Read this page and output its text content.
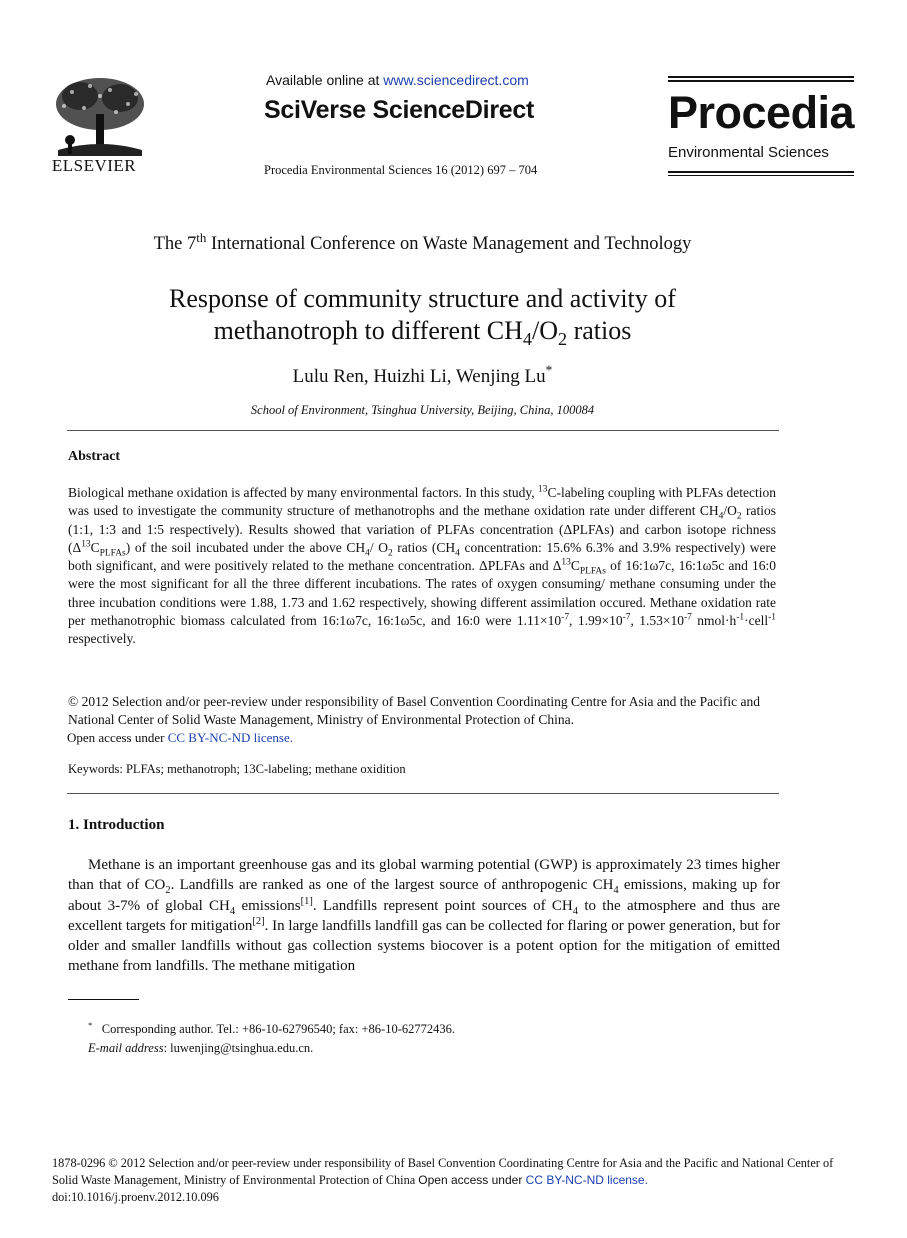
ELSEVIER
Available online at www.sciencedirect.com
SciVerse ScienceDirect
Procedia Environmental Sciences 16 (2012) 697 – 704
Procedia
Environmental Sciences
The 7th International Conference on Waste Management and Technology
Response of community structure and activity of
methanotroph to different $CH_4/O_2$ ratios
Lulu Ren, Huizhi Li, Wenjing Lu*
School of Environment, Tsinghua University, Beijing, China, 100084
Abstract
Biological methane oxidation is affected by many environmental factors. In this study, $^{13}$C-labeling coupling with PLFAs detection was used to investigate the community structure of methanotrophs and the methane oxidation rate under different $CH_4/O_2$ ratios (1:1, 1:3 and 1:5 respectively). Results showed that variation of PLFAs concentration (ΔPLFAs) and carbon isotope richness $(\Delta^{13}C_{PLFAs})$ of the soil incubated under the above $CH_4/$ $O_2$ ratios ($CH_4$ concentration: 15.6% 6.3% and 3.9% respectively) were both significant, and were positively related to the methane concentration. ΔPLFAs and $\Delta^{13}C_{PLFAs}$ of 16:1ω7c, 16:1ω5c and 16:0 were the most significant for all the three different incubations. The rates of oxygen consuming/ methane consuming under the three incubation conditions were 1.88, 1.73 and 1.62 respectively, showing different assimilation occured. Methane oxidation rate per methanotrophic biomass calculated from 16:1ω7c, 16:1ω5c, and 16:0 were $1.11\times 10^{-7}$, $1.99\times 10^{-7}$, $1.53\times 10^{-7}$ $nmol\cdot h^{-1}\cdot cell^{-1}$ respectively.
© 2012 Selection and/or peer-review under responsibility of Basel Convention Coordinating Centre for Asia and the Pacific and National Center of Solid Waste Management, Ministry of Environmental Protection of China.
Open access under CC BY-NC-ND license.
Keywords: PLFAs; methanotroph; 13C-labeling; methane oxidition
1. Introduction
Methane is an important greenhouse gas and its global warming potential (GWP) is approximately 23 times higher than that of $CO_2$. Landfills are ranked as one of the largest source of anthropogenic $CH_4$ emissions, making up for about 3-7% of global $CH_4$ emissions[1]. Landfills represent point sources of $CH_4$ to the atmosphere and thus are excellent targets for mitigation[2]. In large landfills landfill gas can be collected for flaring or power generation, but for older and smaller landfills without gas collection systems biocover is a potent option for the mitigation of emitted methane from landfills. The methane mitigation
* Corresponding author. Tel.: +86-10-62796540; fax: +86-10-62772436.
E-mail address: luwenjing@tsinghua.edu.cn.
1878-0296 © 2012 Selection and/or peer-review under responsibility of Basel Convention Coordinating Centre for Asia and the Pacific and National Center of Solid Waste Management, Ministry of Environmental Protection of China Open access under CC BY-NC-ND license.
doi:10.1016/j.proenv.2012.10.096
